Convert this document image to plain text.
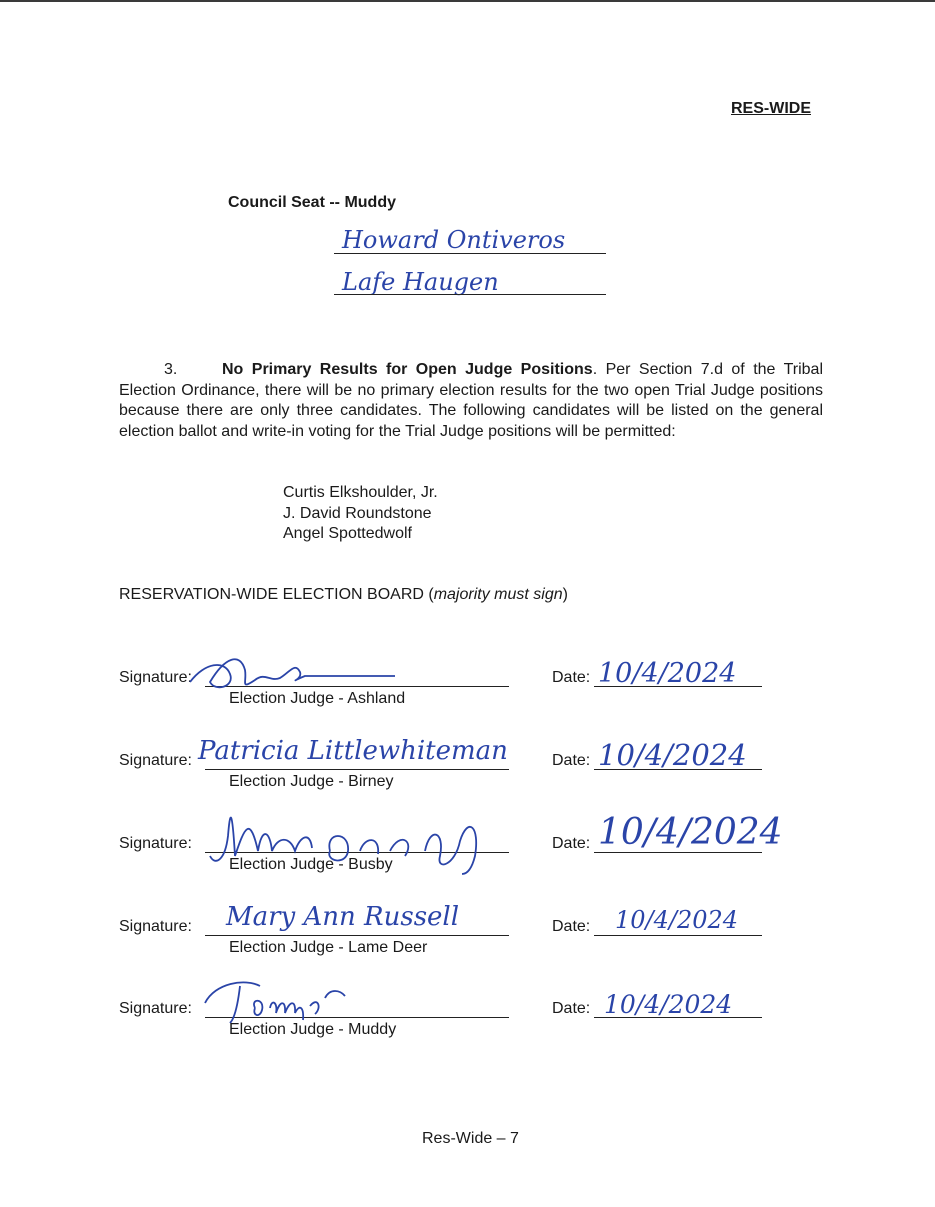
RES-WIDE
Council Seat -- Muddy
Howard Ontiveros
Lafe Haugen
3.	No Primary Results for Open Judge Positions. Per Section 7.d of the Tribal Election Ordinance, there will be no primary election results for the two open Trial Judge positions because there are only three candidates. The following candidates will be listed on the general election ballot and write-in voting for the Trial Judge positions will be permitted:
Curtis Elkshoulder, Jr.
J. David Roundstone
Angel Spottedwolf
RESERVATION-WIDE ELECTION BOARD (majority must sign)
Signature:
Election Judge - Ashland
Date: 10/4/2024
Signature: Patricia Littlewhiteman
Election Judge - Birney
Date: 10/4/2024
Signature:
Election Judge - Busby
Date: 10/4/2024
Signature: Mary Ann Russell
Election Judge - Lame Deer
Date: 10/4/2024
Signature:
Election Judge - Muddy
Date: 10/4/2024
Res-Wide – 7
